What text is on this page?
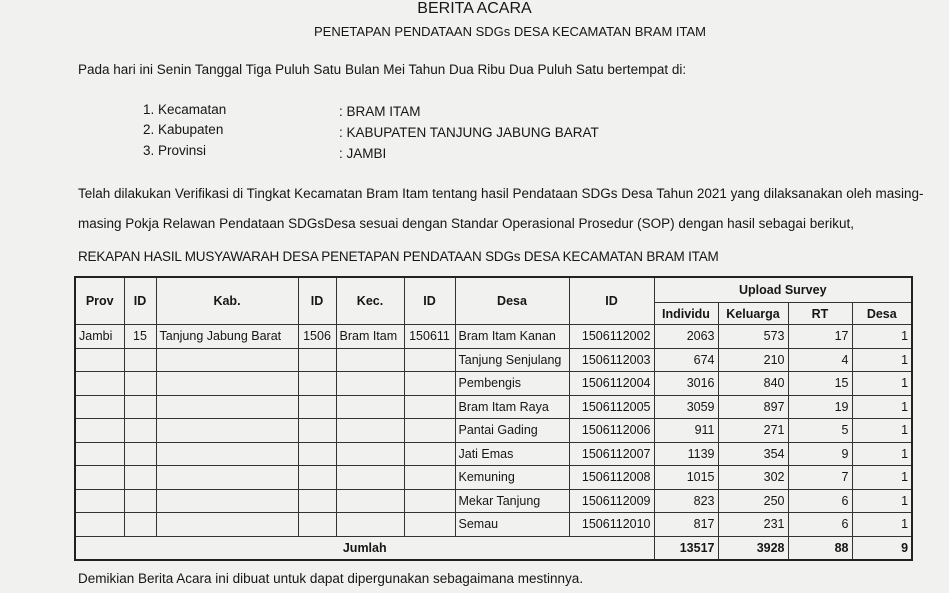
BERITA ACARA
PENETAPAN PENDATAAN SDGs DESA KECAMATAN BRAM ITAM
Pada hari ini Senin Tanggal Tiga Puluh Satu Bulan Mei Tahun Dua Ribu Dua Puluh Satu bertempat di:
1. Kecamatan	: BRAM ITAM
2. Kabupaten	: KABUPATEN TANJUNG JABUNG BARAT
3. Provinsi	: JAMBI
Telah dilakukan Verifikasi di Tingkat Kecamatan Bram Itam tentang hasil Pendataan SDGs Desa Tahun 2021 yang dilaksanakan oleh masing-
masing Pokja Relawan Pendataan SDGsDesa sesuai dengan Standar Operasional Prosedur (SOP) dengan hasil sebagai berikut,
REKAPAN HASIL MUSYAWARAH DESA PENETAPAN PENDATAAN SDGs DESA KECAMATAN BRAM ITAM
Prov	ID	Kab.	ID	Kec.	ID	Desa	ID	Upload Survey			
								Individu	Keluarga	RT	Desa
Jambi	15	Tanjung Jabung Barat	1506	Bram Itam	150611	Bram Itam Kanan	1506112002	2063	573	17	1
						Tanjung Senjulang	1506112003	674	210	4	1
						Pembengis	1506112004	3016	840	15	1
						Bram Itam Raya	1506112005	3059	897	19	1
						Pantai Gading	1506112006	911	271	5	1
						Jati Emas	1506112007	1139	354	9	1
						Kemuning	1506112008	1015	302	7	1
						Mekar Tanjung	1506112009	823	250	6	1
						Semau	1506112010	817	231	6	1
Jumlah								13517	3928	88	9
Demikian Berita Acara ini dibuat untuk dapat dipergunakan sebagaimana mestinnya.
